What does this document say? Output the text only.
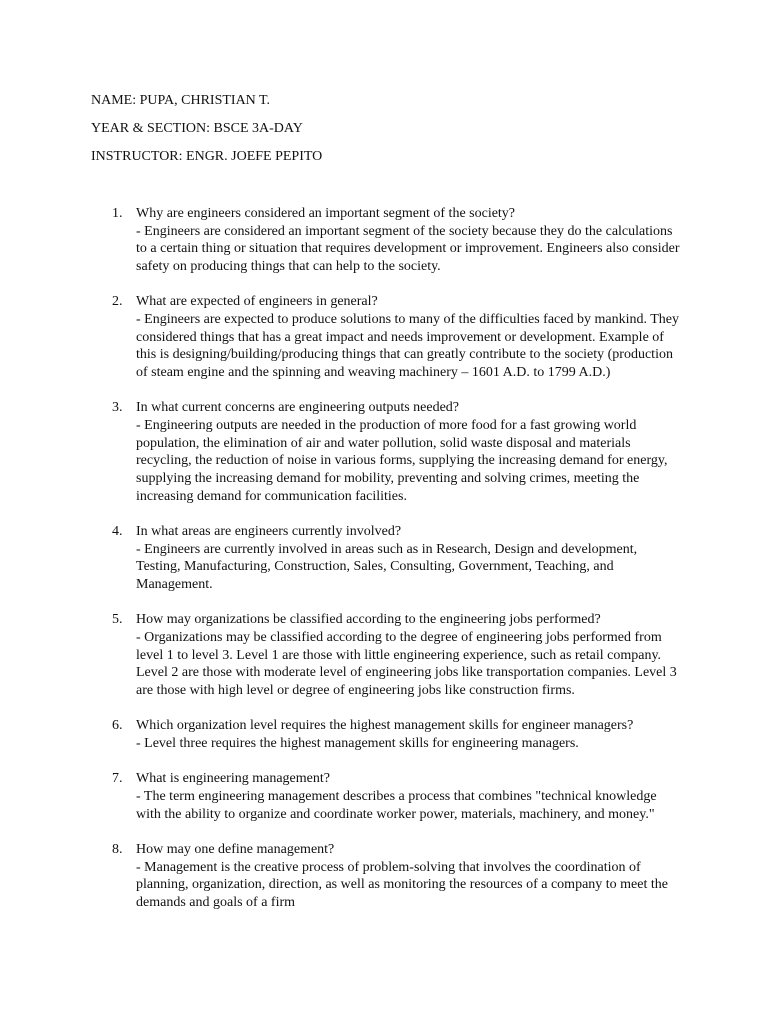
NAME: PUPA, CHRISTIAN T.
YEAR & SECTION: BSCE 3A-DAY
INSTRUCTOR: ENGR. JOEFE PEPITO
1. Why are engineers considered an important segment of the society?
- Engineers are considered an important segment of the society because they do the calculations to a certain thing or situation that requires development or improvement. Engineers also consider safety on producing things that can help to the society.
2. What are expected of engineers in general?
- Engineers are expected to produce solutions to many of the difficulties faced by mankind. They considered things that has a great impact and needs improvement or development. Example of this is designing/building/producing things that can greatly contribute to the society (production of steam engine and the spinning and weaving machinery – 1601 A.D. to 1799 A.D.)
3. In what current concerns are engineering outputs needed?
- Engineering outputs are needed in the production of more food for a fast growing world population, the elimination of air and water pollution, solid waste disposal and materials recycling, the reduction of noise in various forms, supplying the increasing demand for energy, supplying the increasing demand for mobility, preventing and solving crimes, meeting the increasing demand for communication facilities.
4. In what areas are engineers currently involved?
- Engineers are currently involved in areas such as in Research, Design and development, Testing, Manufacturing, Construction, Sales, Consulting, Government, Teaching, and Management.
5. How may organizations be classified according to the engineering jobs performed?
- Organizations may be classified according to the degree of engineering jobs performed from level 1 to level 3. Level 1 are those with little engineering experience, such as retail company. Level 2 are those with moderate level of engineering jobs like transportation companies. Level 3 are those with high level or degree of engineering jobs like construction firms.
6. Which organization level requires the highest management skills for engineer managers?
- Level three requires the highest management skills for engineering managers.
7. What is engineering management?
- The term engineering management describes a process that combines "technical knowledge with the ability to organize and coordinate worker power, materials, machinery, and money."
8. How may one define management?
- Management is the creative process of problem-solving that involves the coordination of planning, organization, direction, as well as monitoring the resources of a company to meet the demands and goals of a firm
